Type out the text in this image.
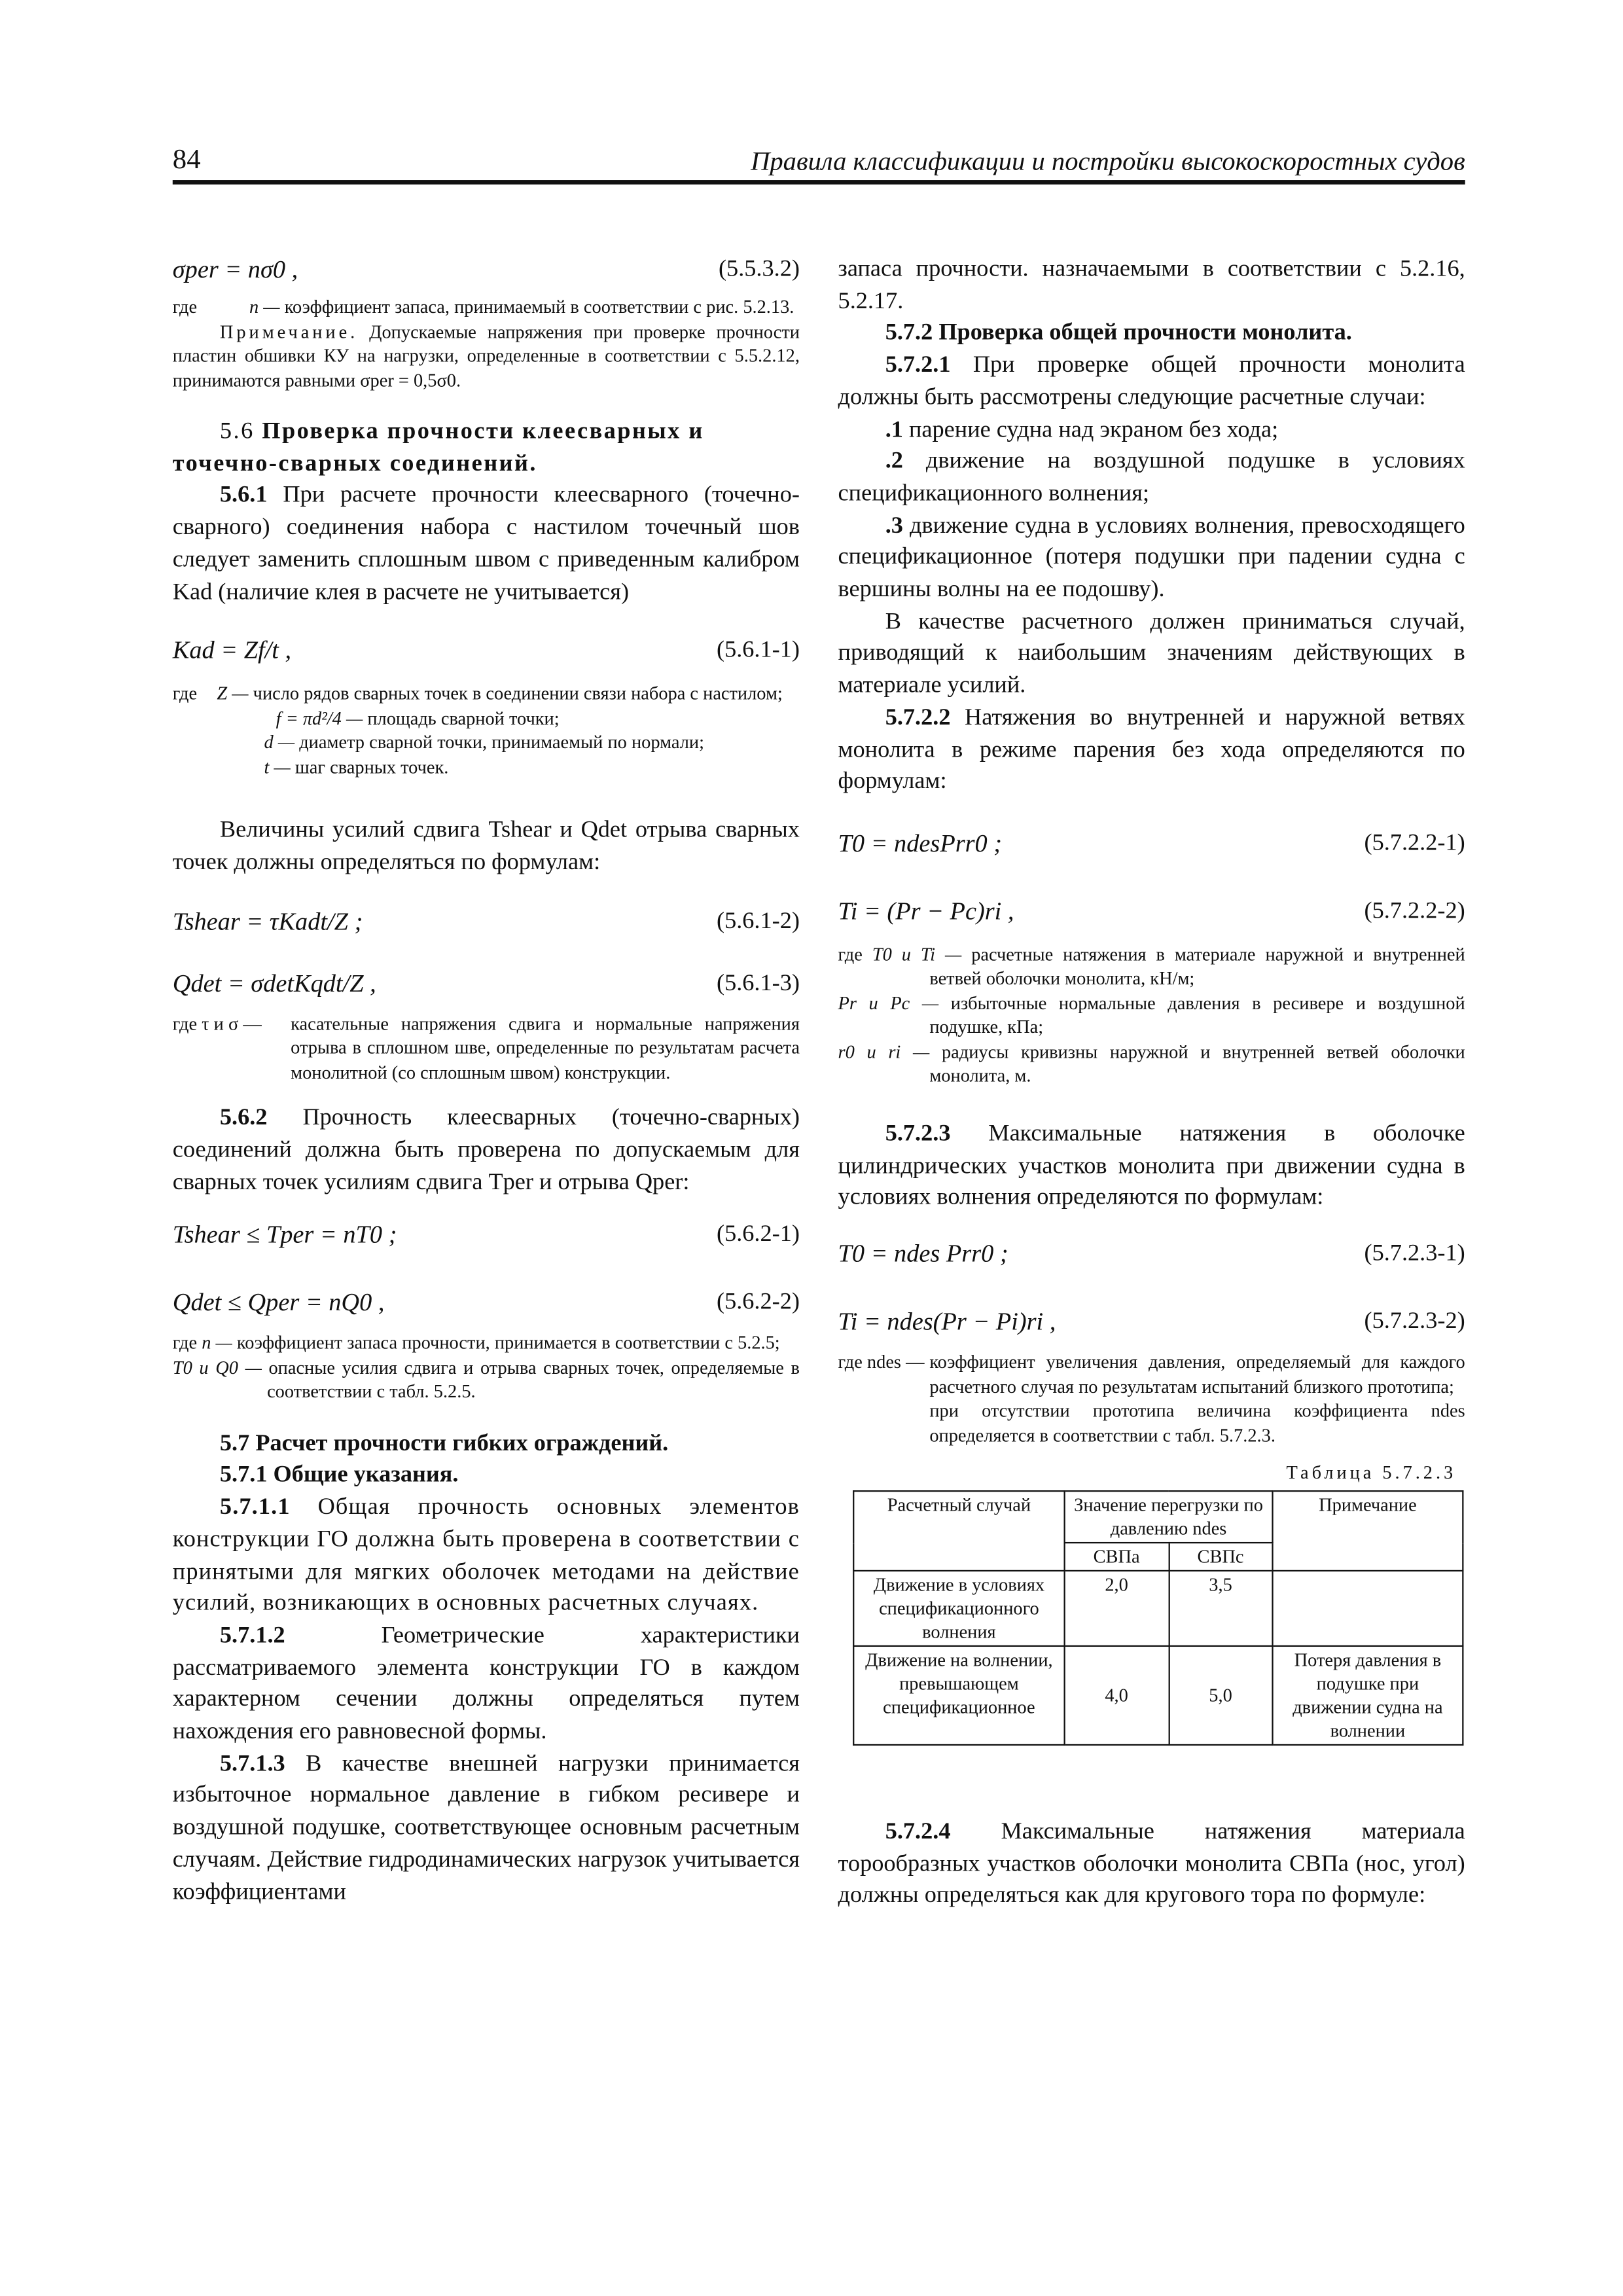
84	Правила классификации и постройки высокоскоростных судов
σper = nσ0 ,	(5.5.3.2)
где	n — коэффициент запаса, принимаемый в соответствии с рис. 5.2.13.

Примечание. Допускаемые напряжения при проверке прочности пластин обшивки КУ на нагрузки, определенные в соответствии с 5.5.2.12, принимаются равными σper = 0,5σ0.

5.6 Проверка прочности клеесварных и точечно-сварных соединений.

5.6.1 При расчете прочности клеесварного (точечно-сварного) соединения набора с настилом точечный шов следует заменить сплошным швом с приведенным калибром Kad (наличие клея в расчете не учитывается)

Kad = Zf/t ,	(5.6.1-1)
где Z — число рядов сварных точек в соединении связи набора с настилом;
f = πd²/4 — площадь сварной точки;
d — диаметр сварной точки, принимаемый по нормали;
t — шаг сварных точек.

Величины усилий сдвига Tshear и Qdet отрыва сварных точек должны определяться по формулам:

Tshear = τKadt/Z ;	(5.6.1-2)
Qdet = σdetKqdt/Z ,	(5.6.1-3)
где τ и σ —	касательные напряжения сдвига и нормальные напряжения отрыва в сплошном шве, определенные по результатам расчета монолитной (со сплошным швом) конструкции.

5.6.2	Прочность клеесварных (точечно-сварных) соединений должна быть проверена по допускаемым для сварных точек усилиям сдвига Tper и отрыва Qper:

Tshear ≤ Tper = nT0 ;	(5.6.2-1)
Qdet ≤ Qper = nQ0 ,	(5.6.2-2)
где n — коэффициент запаса прочности, принимается в соответствии с 5.2.5;
T0 и Q0 — опасные усилия сдвига и отрыва сварных точек, определяемые в соответствии с табл. 5.2.5.

5.7 Расчет прочности гибких ограждений.

5.7.1 Общие указания.

5.7.1.1	Общая прочность основных элементов конструкции ГО должна быть проверена в соответствии с принятыми для мягких оболочек методами на действие усилий, возникающих в основных расчетных случаях.

5.7.1.2	Геометрические характеристики рассматриваемого элемента конструкции ГО в каждом характерном сечении должны определяться путем нахождения его равновесной формы.

5.7.1.3 В качестве внешней нагрузки принимается избыточное нормальное давление в гибком ресивере и воздушной подушке, соответствующее основным расчетным случаям. Действие гидродинамических нагрузок учитывается коэффициентами

запаса прочности. назначаемыми в соответствии с 5.2.16, 5.2.17.

5.7.2 Проверка общей прочности монолита.

5.7.2.1 При проверке общей прочности монолита должны быть рассмотрены следующие расчетные случаи:

.1 парение судна над экраном без хода;

.2 движение на воздушной подушке в условиях спецификационного волнения;

.3 движение судна в условиях волнения, превосходящего спецификационное (потеря подушки при падении судна с вершины волны на ее подошву).

В качестве расчетного должен приниматься случай, приводящий к наибольшим значениям действующих в материале усилий.

5.7.2.2 Натяжения во внутренней и наружной ветвях монолита в режиме парения без хода определяются по формулам:

T0 = ndesPrr0 ;	(5.7.2.2-1)
Ti = (Pr − Pc)ri ,	(5.7.2.2-2)
где T0 и Ti — расчетные натяжения в материале наружной и внутренней ветвей оболочки монолита, кН/м;
Pr и Pc — избыточные нормальные давления в ресивере и воздушной подушке, кПа;
r0 и ri — радиусы кривизны наружной и внутренней ветвей оболочки монолита, м.

5.7.2.3	Максимальные натяжения в оболочке цилиндрических участков монолита при движении судна в условиях волнения определяются по формулам:

T0 = ndes Prr0 ;	(5.7.2.3-1)
Ti = ndes(Pr − Pi)ri ,	(5.7.2.3-2)
где ndes — коэффициент увеличения давления, определяемый для каждого расчетного случая по результатам испытаний близкого прототипа;
при отсутствии прототипа величина коэффициента ndes определяется в соответствии с табл. 5.7.2.3.
Таблица 5.7.2.3
Расчетный случай	Значение перегрузки по давлению ndes		Примечание
	СВПа	СВПс	
Движение в условиях спецификационного волнения	2,0	3,5	
Движение на волнении, превышающем спецификационное	4,0	5,0	Потеря давления в подушке при движении судна на волнении

5.7.2.4	Максимальные натяжения материала торообразных участков оболочки монолита СВПа (нос, угол) должны определяться как для кругового тора по формуле:
